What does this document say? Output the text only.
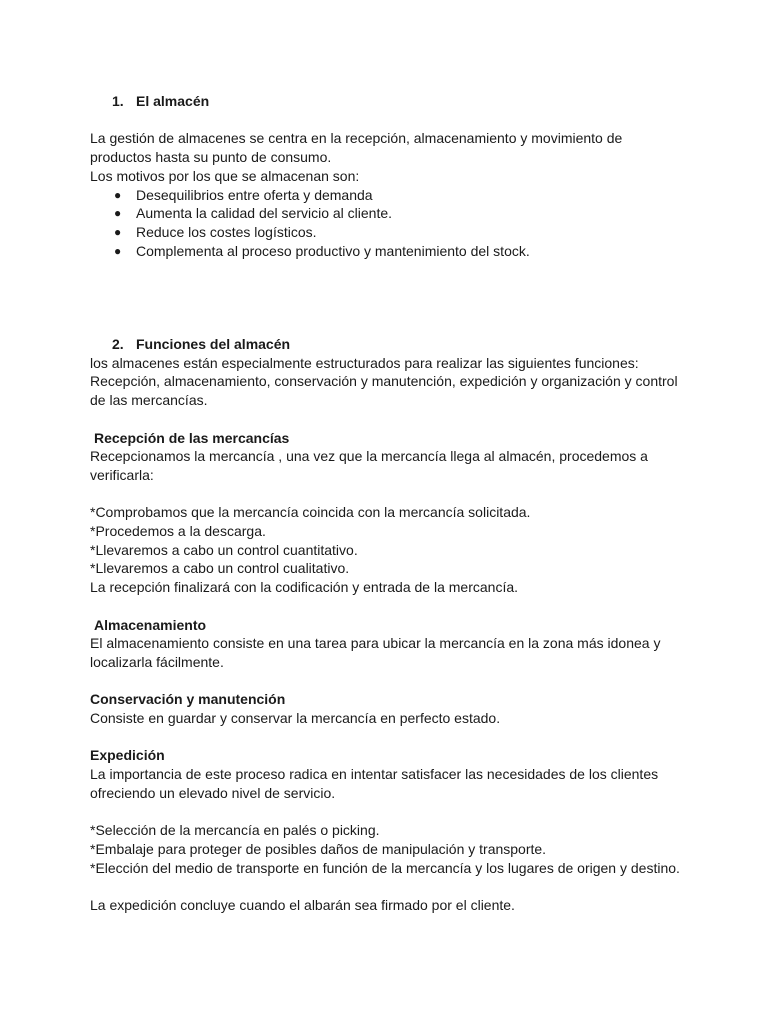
1. El almacén

La gestión de almacenes se centra en la recepción, almacenamiento y movimiento de

productos hasta su punto de consumo.

Los motivos por los que se almacenan son:

● Desequilibrios entre oferta y demanda
● Aumenta la calidad del servicio al cliente.
● Reduce los costes logísticos.
● Complementa al proceso productivo y mantenimiento del stock.

2. Funciones del almacén

los almacenes están especialmente estructurados para realizar las siguientes funciones:

Recepción, almacenamiento, conservación y manutención, expedición y organización y control

de las mercancías.

Recepción de las mercancías

Recepcionamos la mercancía , una vez que la mercancía llega al almacén, procedemos a

verificarla:

*Comprobamos que la mercancía coincida con la mercancía solicitada.

*Procedemos a la descarga.

*Llevaremos a cabo un control cuantitativo.

*Llevaremos a cabo un control cualitativo.

La recepción finalizará con la codificación y entrada de la mercancía.

Almacenamiento

El almacenamiento consiste en una tarea para ubicar la mercancía en la zona más idonea y

localizarla fácilmente.

Conservación y manutención

Consiste en guardar y conservar la mercancía en perfecto estado.

Expedición

La importancia de este proceso radica en intentar satisfacer las necesidades de los clientes

ofreciendo un elevado nivel de servicio.

*Selección de la mercancía en palés o picking.

*Embalaje para proteger de posibles daños de manipulación y transporte.

*Elección del medio de transporte en función de la mercancía y los lugares de origen y destino.

La expedición concluye cuando el albarán sea firmado por el cliente.
